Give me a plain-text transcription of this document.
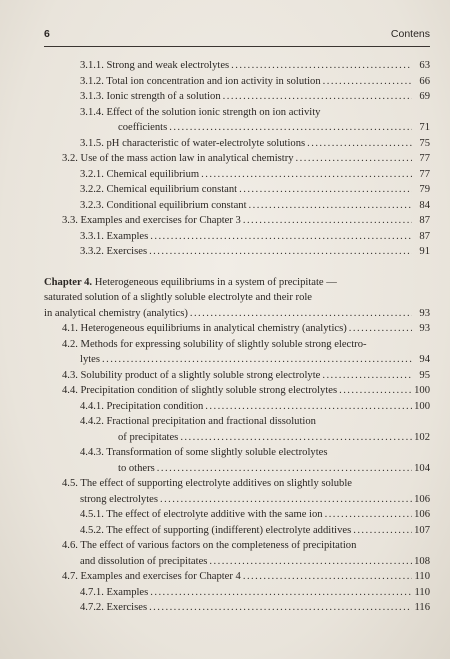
6	Contens
3.1.1. Strong and weak electrolytes . . .	63
3.1.2. Total ion concentration and ion activity in solution . . .	66
3.1.3. Ionic strength of a solution . . .	69
3.1.4. Effect of the solution ionic strength on ion activity
coefficients . . .	71
3.1.5. pH characteristic of water-electrolyte solutions . . .	75
3.2. Use of the mass action law in analytical chemistry . . .	77
3.2.1. Chemical equilibrium . . .	77
3.2.2. Chemical equilibrium constant . . .	79
3.2.3. Conditional equilibrium constant . . .	84
3.3. Examples and exercises for Chapter 3 . . .	87
3.3.1. Examples . . .	87
3.3.2. Exercises . . .	91
Chapter 4. Heterogeneous equilibriums in a system of precipitate —
saturated solution of a slightly soluble electrolyte and their role
in analytical chemistry (analytics) . . .	93
4.1. Heterogeneous equilibriums in analytical chemistry (analytics) . . .	93
4.2. Methods for expressing solubility of slightly soluble strong electro-
lytes . . .	94
4.3. Solubility product of a slightly soluble strong electrolyte . . .	95
4.4. Precipitation condition of slightly soluble strong electrolytes . . .	100
4.4.1. Precipitation condition . . .	100
4.4.2. Fractional precipitation and fractional dissolution
of precipitates . . .	102
4.4.3. Transformation of some slightly soluble electrolytes
to others . . .	104
4.5. The effect of supporting electrolyte additives on slightly soluble
strong electrolytes . . .	106
4.5.1. The effect of electrolyte additive with the same ion . . .	106
4.5.2. The effect of supporting (indifferent) electrolyte additives . . .	107
4.6. The effect of various factors on the completeness of precipitation
and dissolution of precipitates . . .	108
4.7. Examples and exercises for Chapter 4 . . .	110
4.7.1. Examples . . .	110
4.7.2. Exercises . . .	116
